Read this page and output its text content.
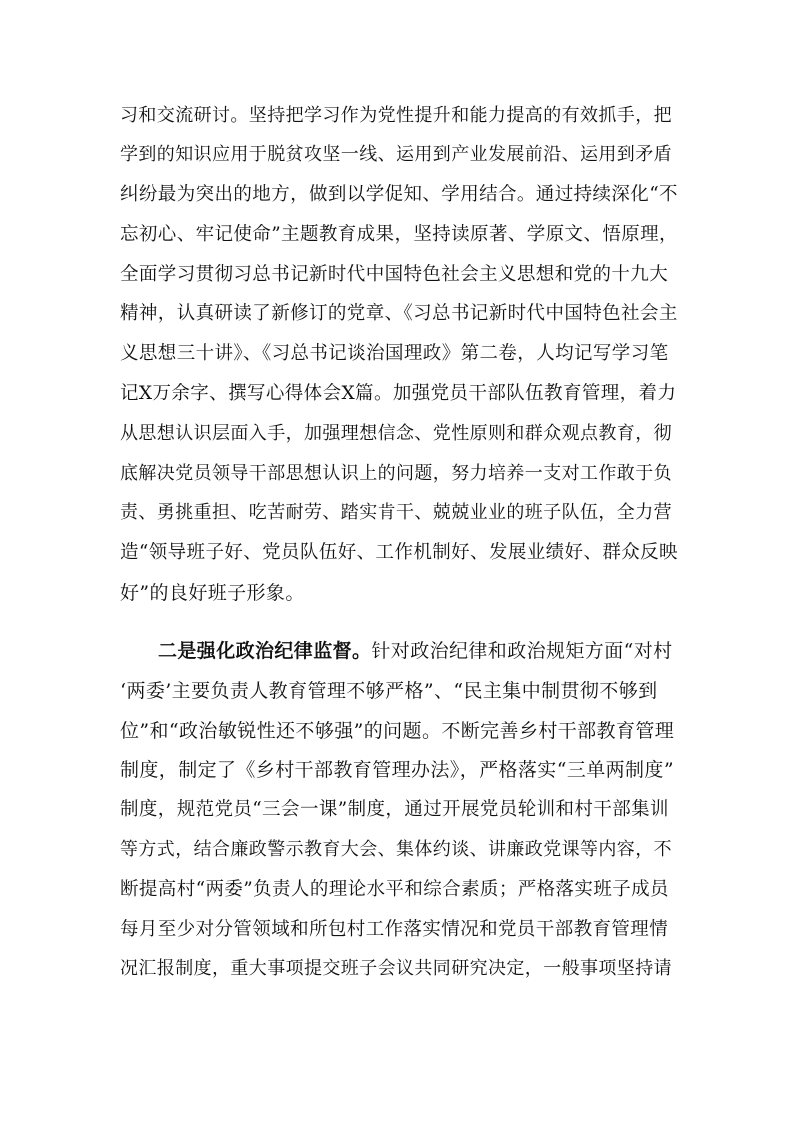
习和交流研讨。坚持把学习作为党性提升和能力提高的有效抓手，把
学到的知识应用于脱贫攻坚一线、运用到产业发展前沿、运用到矛盾
纠纷最为突出的地方，做到以学促知、学用结合。通过持续深化“不
忘初心、牢记使命”主题教育成果，坚持读原著、学原文、悟原理，
全面学习贯彻习总书记新时代中国特色社会主义思想和党的十九大
精神，认真研读了新修订的党章、《习总书记新时代中国特色社会主
义思想三十讲》、《习总书记谈治国理政》第二卷，人均记写学习笔
记X万余字、撰写心得体会X篇。加强党员干部队伍教育管理，着力
从思想认识层面入手，加强理想信念、党性原则和群众观点教育，彻
底解决党员领导干部思想认识上的问题，努力培养一支对工作敢于负
责、勇挑重担、吃苦耐劳、踏实肯干、兢兢业业的班子队伍，全力营
造“领导班子好、党员队伍好、工作机制好、发展业绩好、群众反映
好”的良好班子形象。
二是强化政治纪律监督。针对政治纪律和政治规矩方面“对村
‘两委’主要负责人教育管理不够严格”、“民主集中制贯彻不够到
位”和“政治敏锐性还不够强”的问题。不断完善乡村干部教育管理
制度，制定了《乡村干部教育管理办法》，严格落实“三单两制度”
制度，规范党员“三会一课”制度，通过开展党员轮训和村干部集训
等方式，结合廉政警示教育大会、集体约谈、讲廉政党课等内容，不
断提高村“两委”负责人的理论水平和综合素质；严格落实班子成员
每月至少对分管领域和所包村工作落实情况和党员干部教育管理情
况汇报制度，重大事项提交班子会议共同研究决定，一般事项坚持请
